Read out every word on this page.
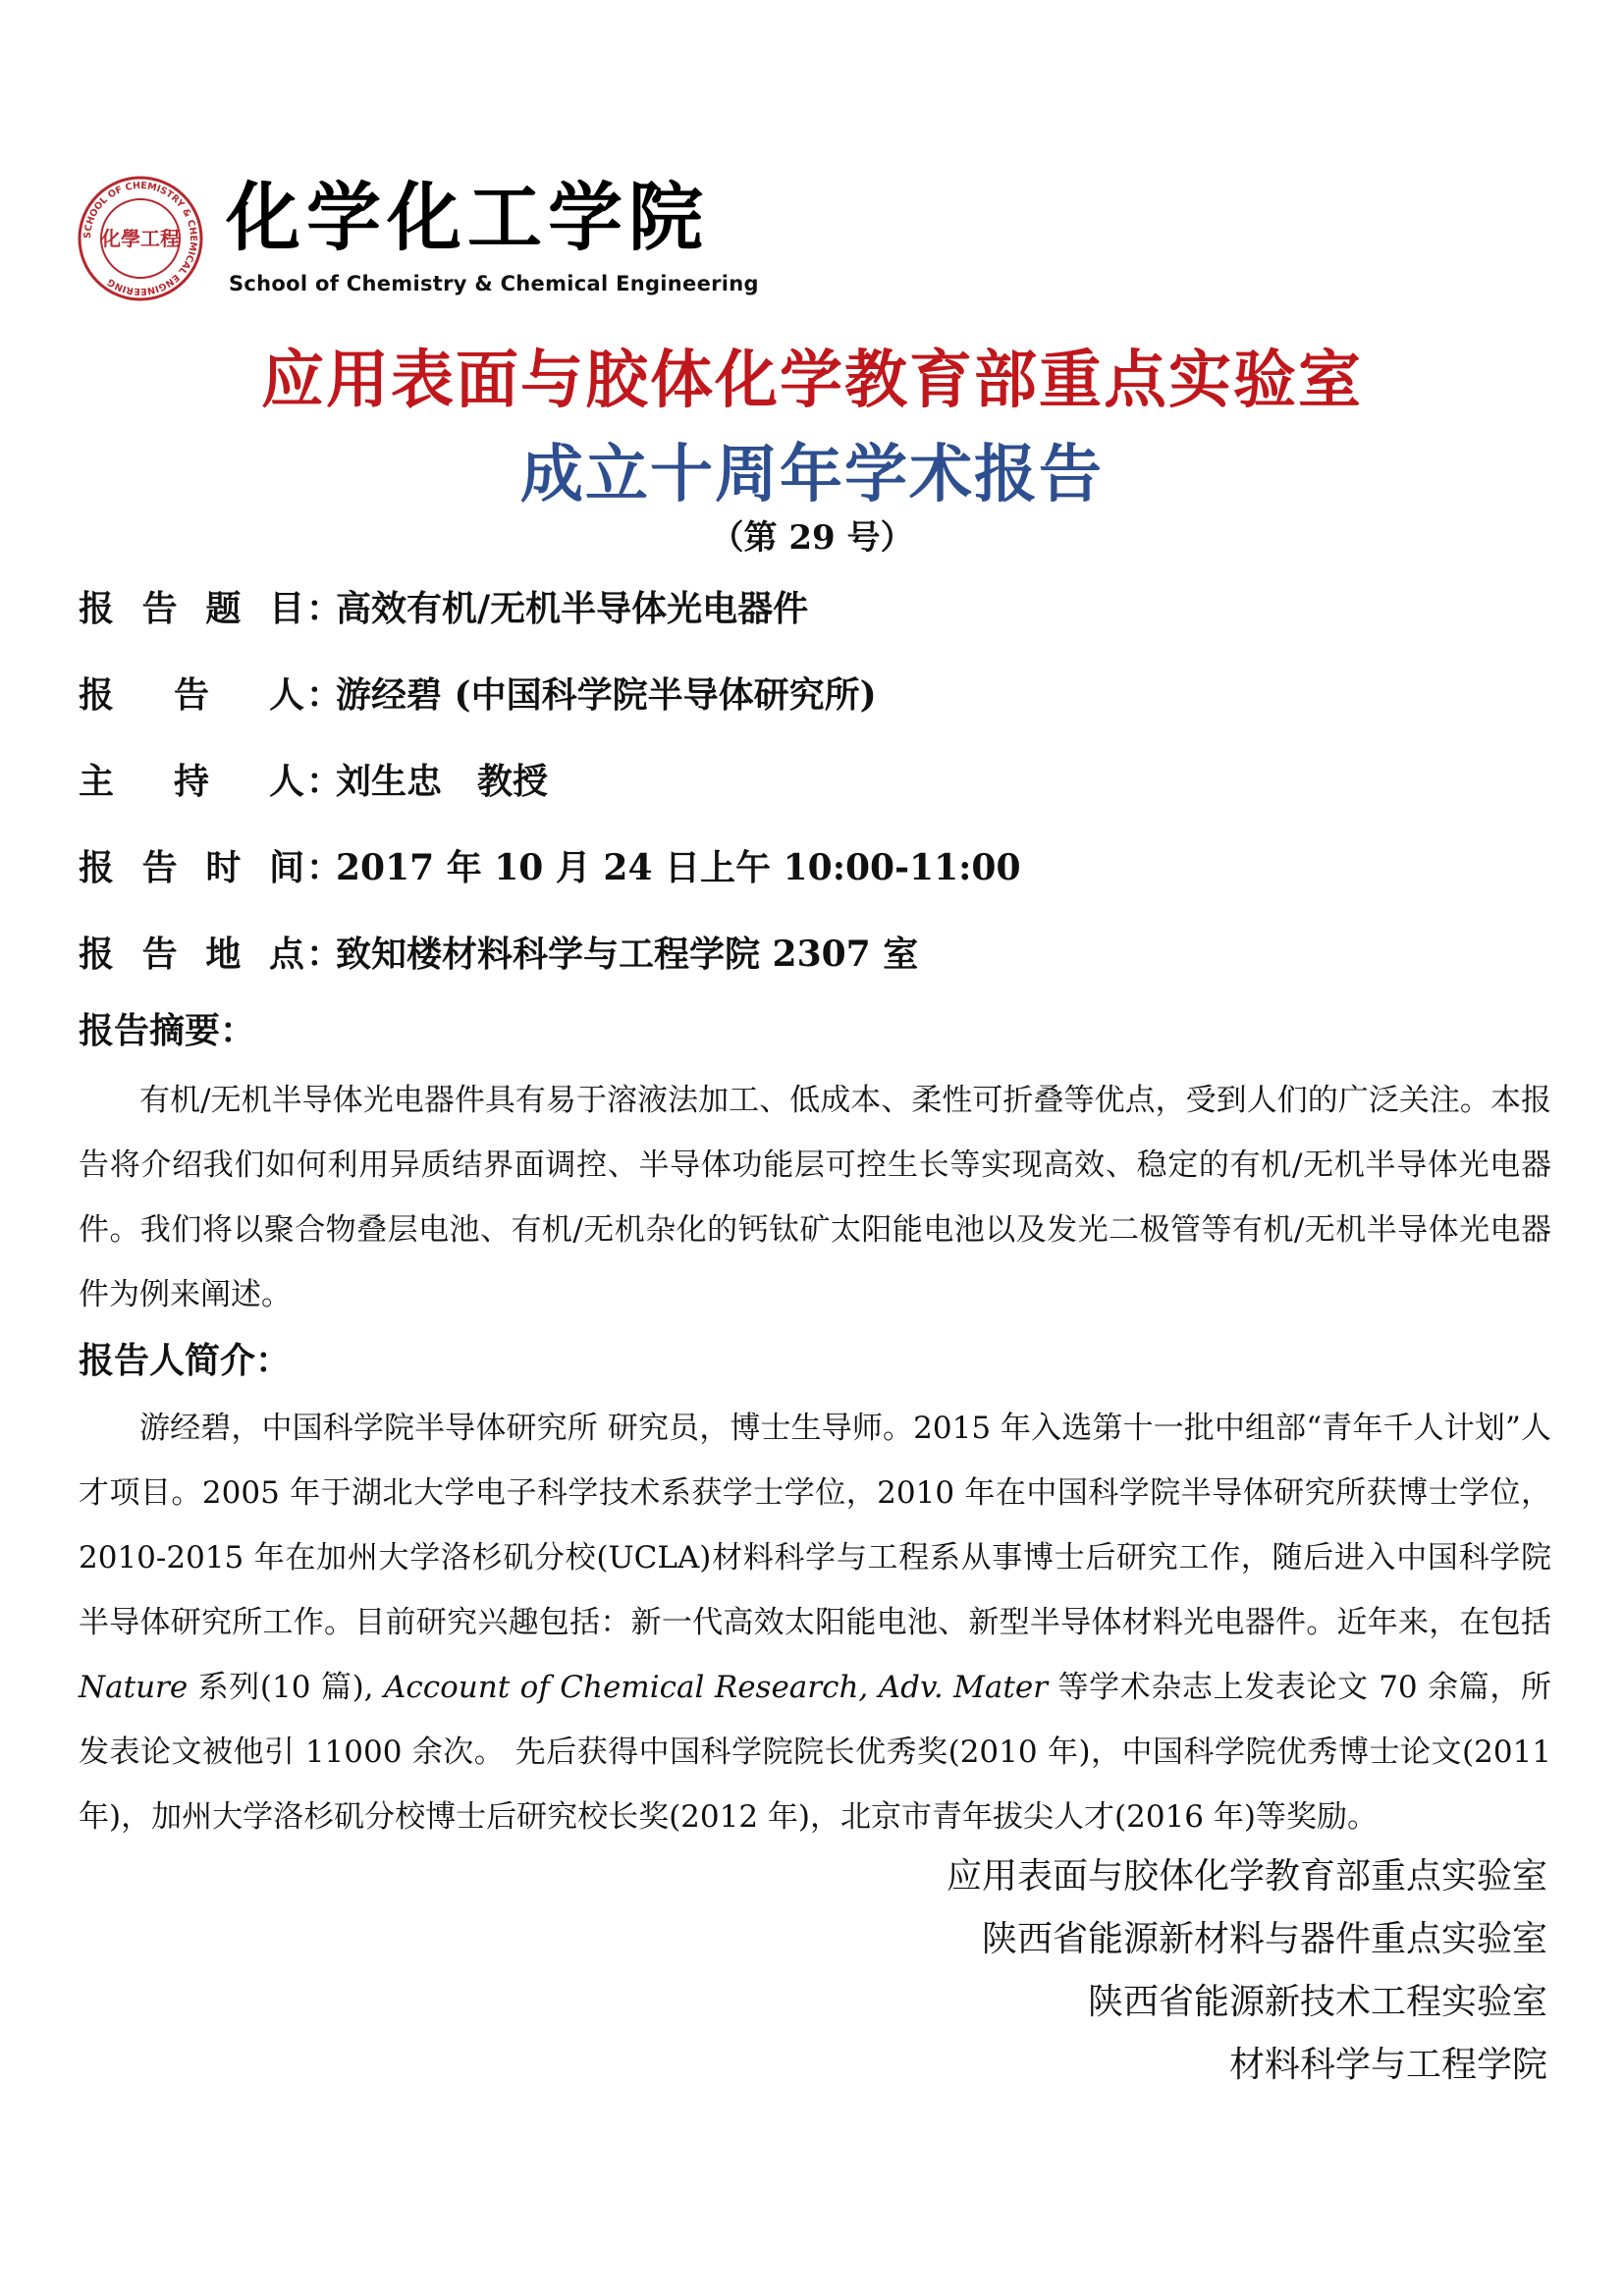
SCHOOL OF CHEMISTRY & CHEMICAL ENGINEERING
化學工程 化学化工学院
School of Chemistry & Chemical Engineering
应用表面与胶体化学教育部重点实验室
成立十周年学术报告
（第 29 号）
报 告 题 目 ：
高效有机/无机半导体光电器件
报 告 人 ：
游经碧 (中国科学院半导体研究所)
主 持 人 ：
刘生忠　教授
报 告 时 间 ：
2017 年 10 月 24 日上午 10:00-11:00
报 告 地 点 ：
致知楼材料科学与工程学院 2307 室
报告摘要：
有机/无机半导体光电器件具有易于溶液法加工、低成本、柔性可折叠等优点，受到人们的广泛关注。本报告将介绍我们如何利用异质结界面调控、半导体功能层可控生长等实现高效、稳定的有机/无机半导体光电器件。我们将以聚合物叠层电池、有机/无机杂化的钙钛矿太阳能电池以及发光二极管等有机/无机半导体光电器件为例来阐述。
报告人简介：
游经碧，中国科学院半导体研究所 研究员，博士生导师。2015 年入选第十一批中组部“青年千人计划”人才项目。2005 年于湖北大学电子科学技术系获学士学位，2010 年在中国科学院半导体研究所获博士学位，2010-2015 年在加州大学洛杉矶分校(UCLA)材料科学与工程系从事博士后研究工作，随后进入中国科学院半导体研究所工作。目前研究兴趣包括：新一代高效太阳能电池、新型半导体材料光电器件。近年来，在包括 Nature 系列(10 篇), Account of Chemical Research, Adv. Mater 等学术杂志上发表论文 70 余篇，所发表论文被他引 11000 余次。 先后获得中国科学院院长优秀奖(2010 年)，中国科学院优秀博士论文(2011 年)，加州大学洛杉矶分校博士后研究校长奖(2012 年)，北京市青年拔尖人才(2016 年)等奖励。
应用表面与胶体化学教育部重点实验室
陕西省能源新材料与器件重点实验室
陕西省能源新技术工程实验室
材料科学与工程学院
